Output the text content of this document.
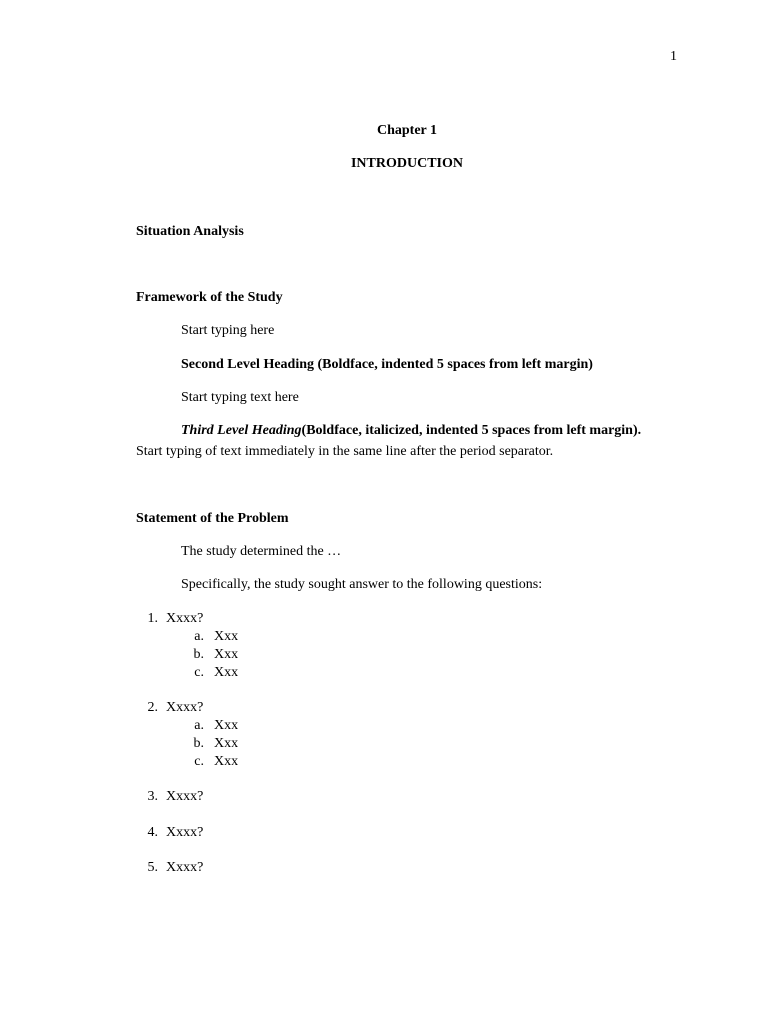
1
Chapter 1
INTRODUCTION
Situation Analysis
Framework of the Study
Start typing here
Second Level Heading (Boldface, indented 5 spaces from left margin)
Start typing text here
Third Level Heading(Boldface, italicized, indented 5 spaces from left margin).
Start typing of text immediately in the same line after the period separator.
Statement of the Problem
The study determined the …
Specifically, the study sought answer to the following questions:
1. Xxxx?
a. Xxx
b. Xxx
c. Xxx
2. Xxxx?
a. Xxx
b. Xxx
c. Xxx
3. Xxxx?
4. Xxxx?
5. Xxxx?
